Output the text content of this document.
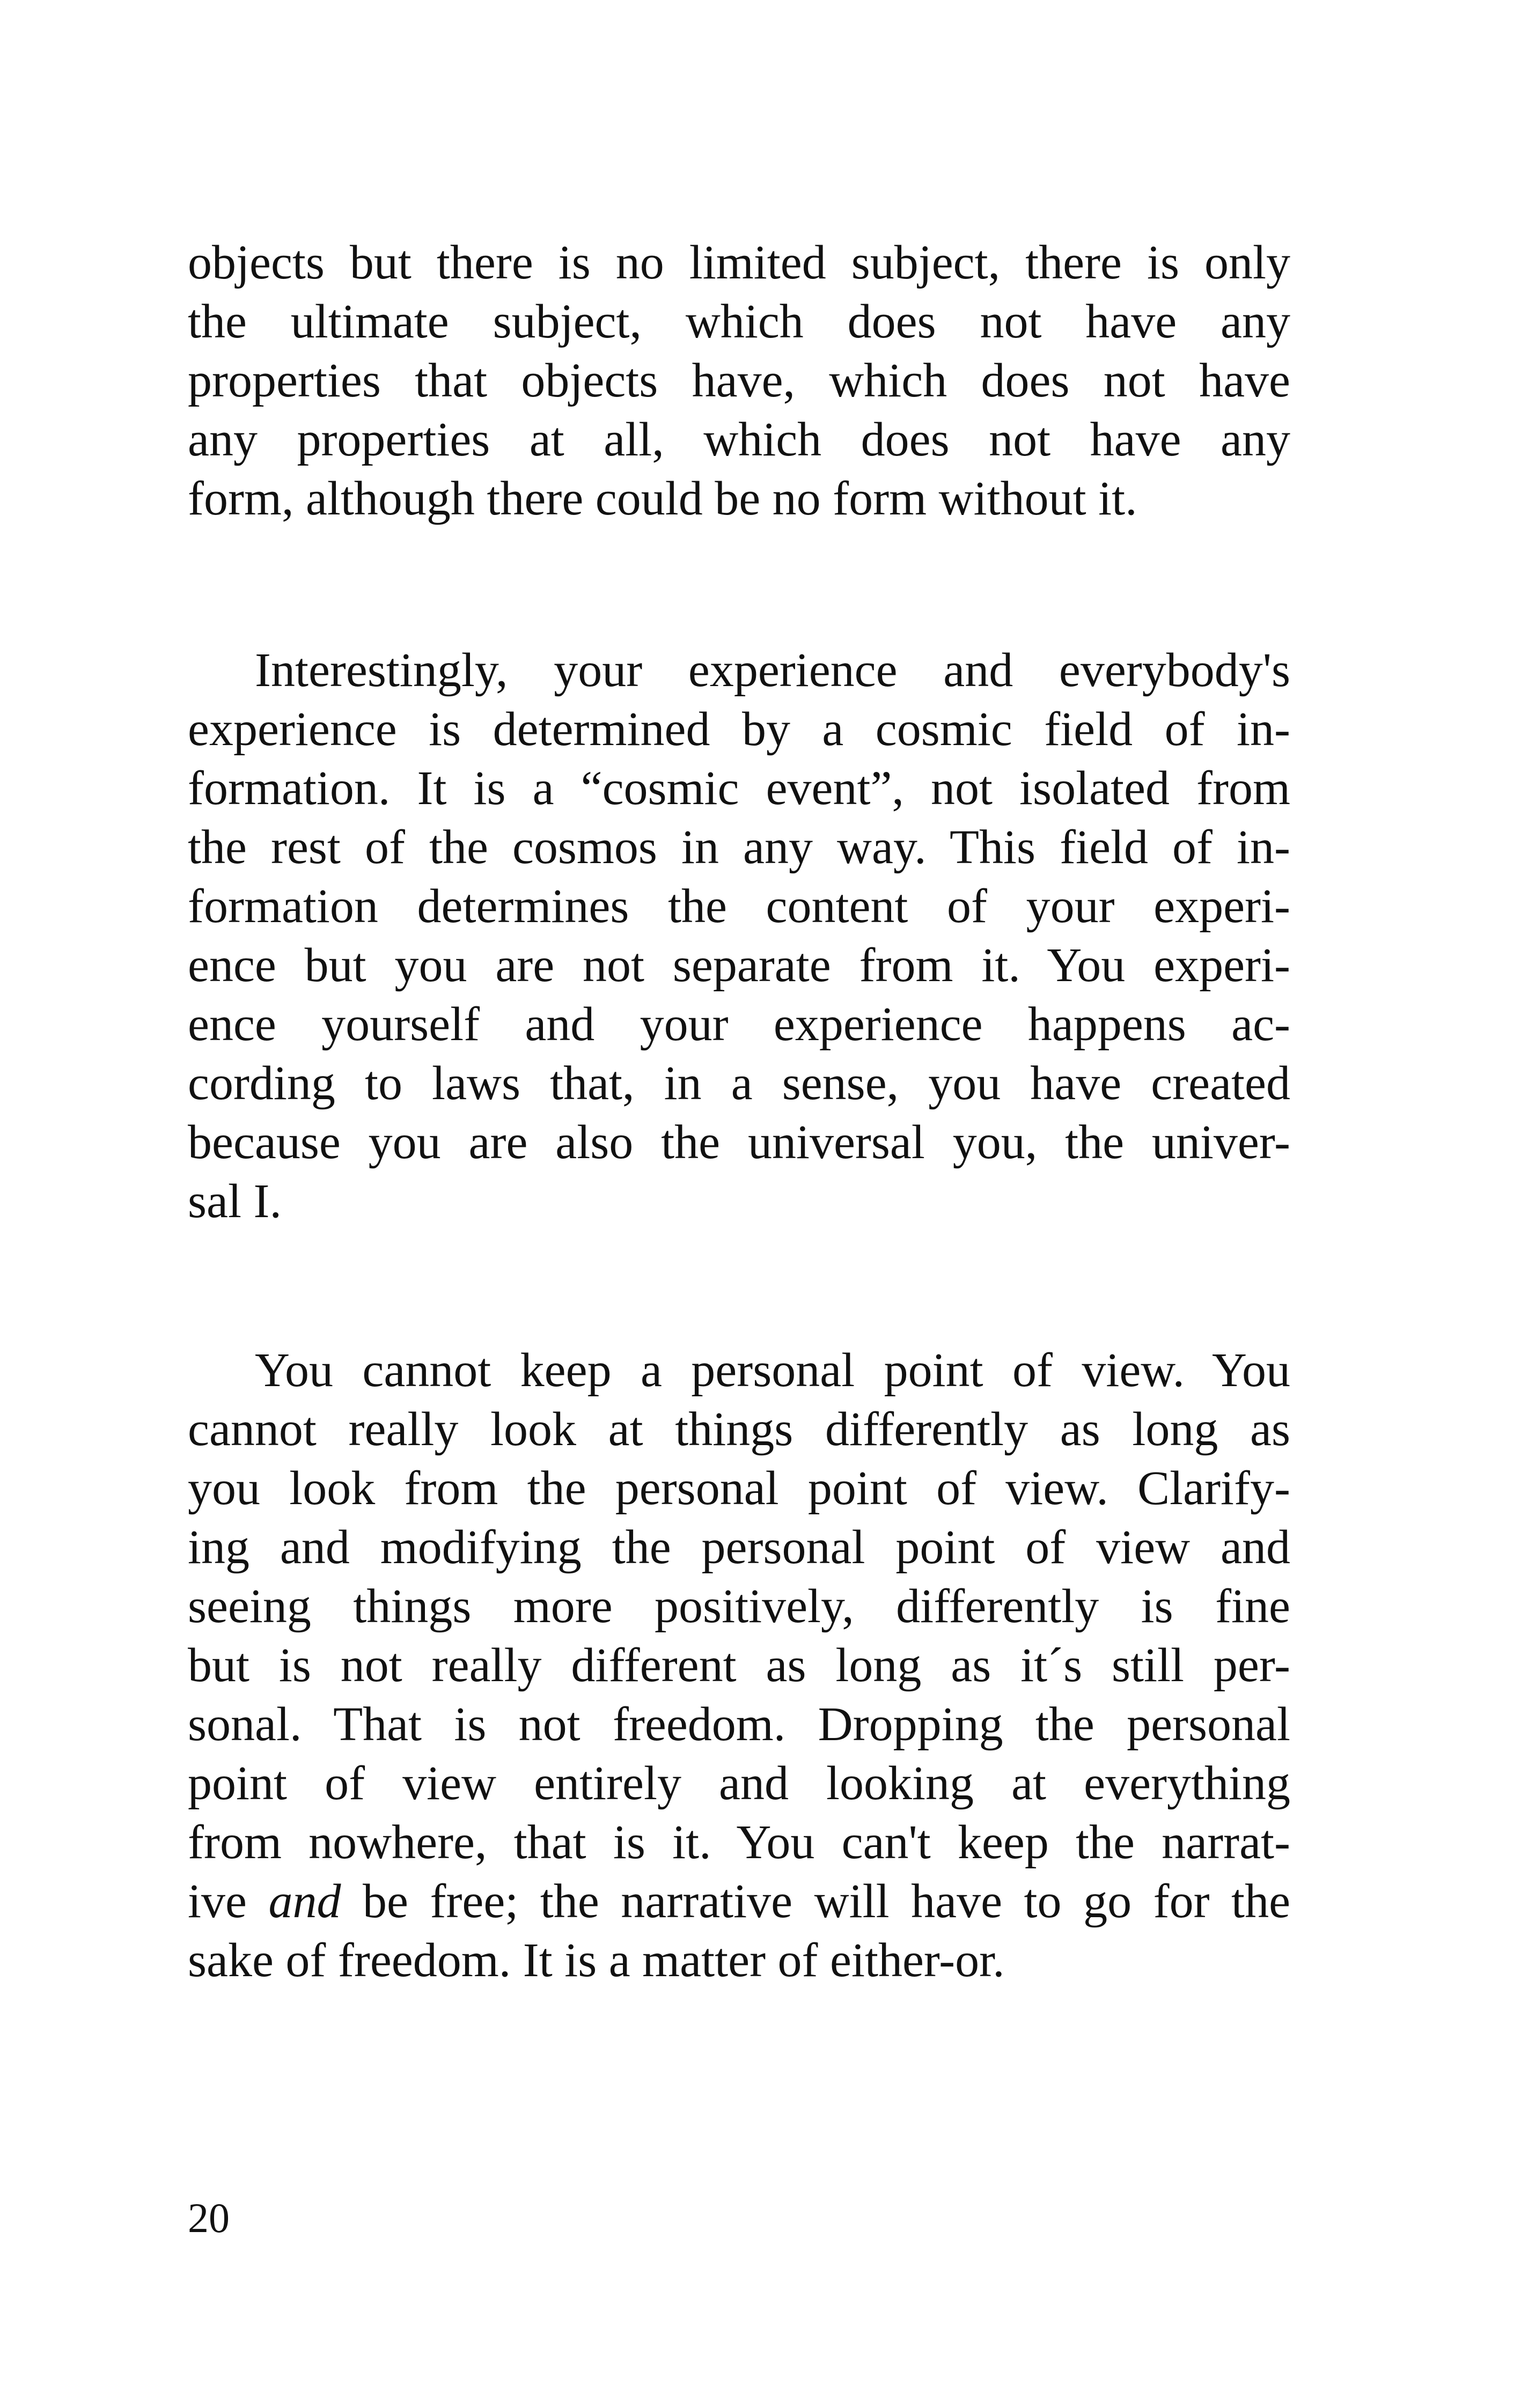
objects but there is no limited subject, there is only
the ultimate subject, which does not have any
properties that objects have, which does not have
any properties at all, which does not have any
form, although there could be no form without it.
Interestingly, your experience and everybody's
experience is determined by a cosmic field of in-
formation. It is a “cosmic event”, not isolated from
the rest of the cosmos in any way. This field of in-
formation determines the content of your experi-
ence but you are not separate from it. You experi-
ence yourself and your experience happens ac-
cording to laws that, in a sense, you have created
because you are also the universal you, the univer-
sal I.
You cannot keep a personal point of view. You
cannot really look at things differently as long as
you look from the personal point of view. Clarify-
ing and modifying the personal point of view and
seeing things more positively, differently is fine
but is not really different as long as it´s still per-
sonal. That is not freedom. Dropping the personal
point of view entirely and looking at everything
from nowhere, that is it. You can't keep the narrat-
ive and be free; the narrative will have to go for the
sake of freedom. It is a matter of either-or.
20
